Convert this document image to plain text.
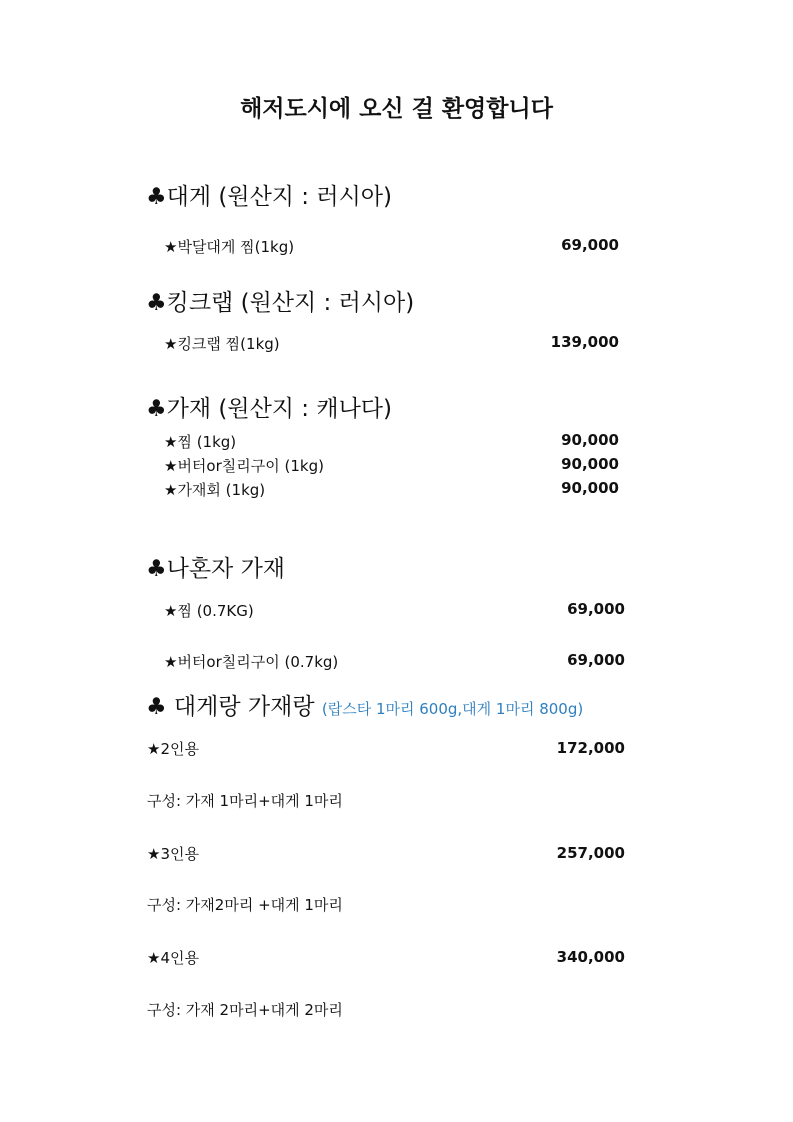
해저도시에 오신 걸 환영합니다
♣대게 (원산지 : 러시아)
★박달대게 찜(1kg)	69,000
♣킹크랩 (원산지 : 러시아)
★킹크랩 찜(1kg)	139,000
♣가재 (원산지 : 캐나다)
★찜 (1kg)	90,000
★버터or칠리구이 (1kg)	90,000
★가재회 (1kg)	90,000
♣나혼자 가재
★찜 (0.7KG)	69,000
★버터or칠리구이 (0.7kg)	69,000
♣ 대게랑 가재랑 (랍스타 1마리 600g,대게 1마리 800g)
★2인용	172,000
구성: 가재 1마리+대게 1마리
★3인용	257,000
구성: 가재2마리 +대게 1마리
★4인용	340,000
구성: 가재 2마리+대게 2마리
